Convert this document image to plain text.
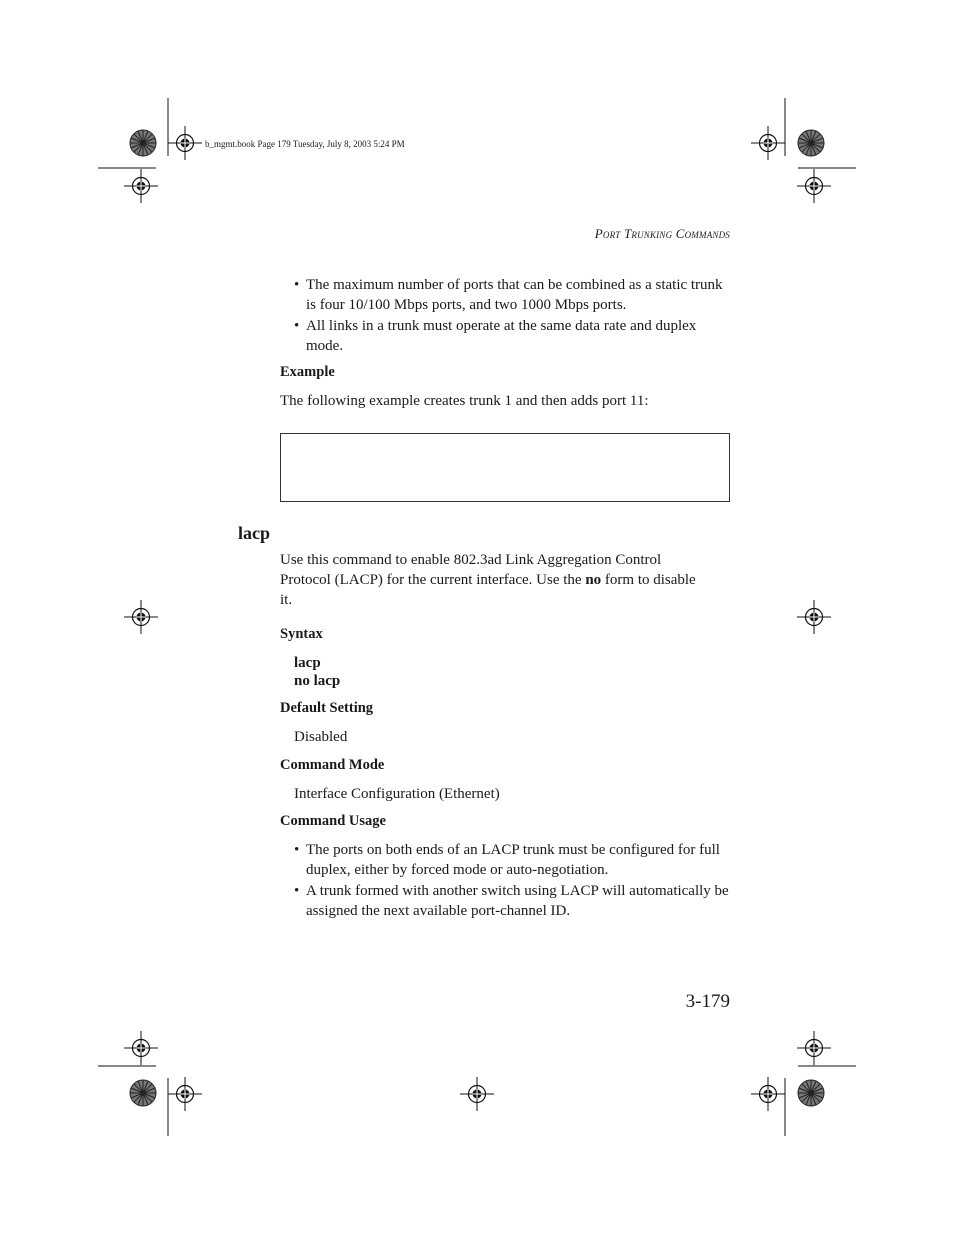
b_mgmt.book Page 179 Tuesday, July 8, 2003 5:24 PM
Port Trunking Commands
• The maximum number of ports that can be combined as a static trunk is four 10/100 Mbps ports, and two 1000 Mbps ports.
• All links in a trunk must operate at the same data rate and duplex mode.
Example
The following example creates trunk 1 and then adds port 11:
lacp

Use this command to enable 802.3ad Link Aggregation Control Protocol (LACP) for the current interface. Use the no form to disable it.

Syntax
lacp
no lacp
Default Setting
Disabled
Command Mode
Interface Configuration (Ethernet)
Command Usage
• The ports on both ends of an LACP trunk must be configured for full duplex, either by forced mode or auto-negotiation.
• A trunk formed with another switch using LACP will automatically be assigned the next available port-channel ID.
3-179
